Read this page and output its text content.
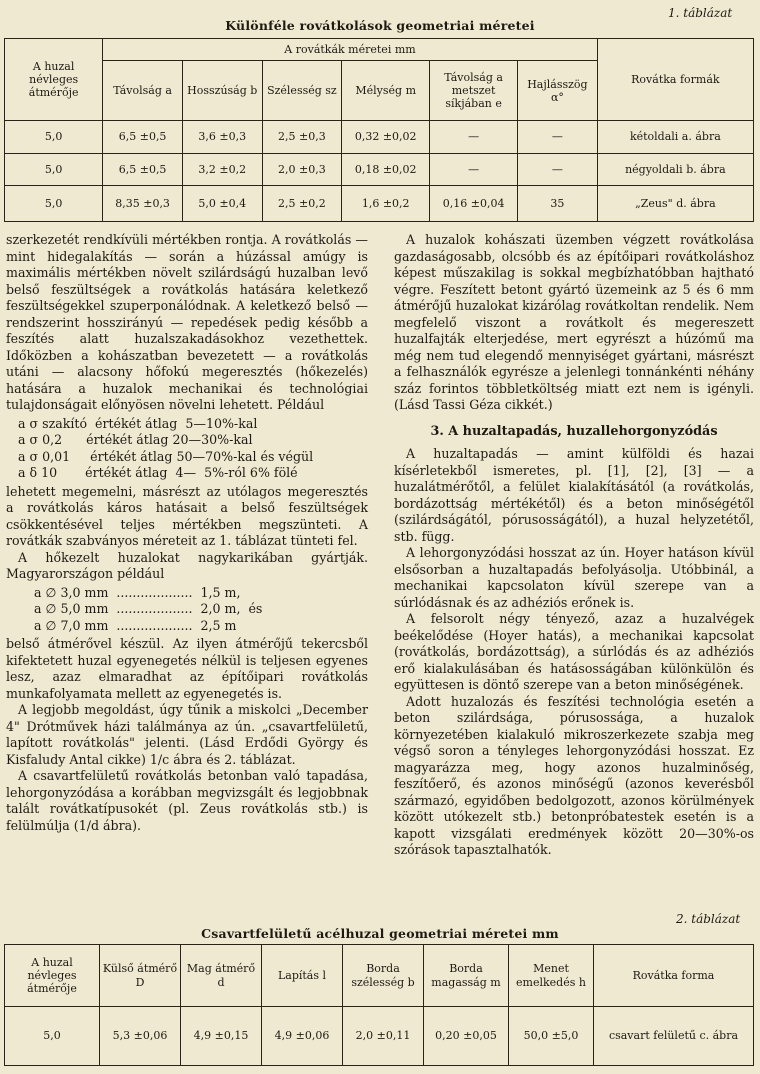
1. táblázat
Különféle rovátkolások geometriai méretei
A huzal névleges átmérője	A rovátkák méretei mm						Rovátka formák
	Távolság a	Hosszúság b	Szélesség sz	Mélység m	Távolság a metszet síkjában e	Hajlásszög α°	
5,0	6,5 ±0,5	3,6 ±0,3	2,5 ±0,3	0,32 ±0,02	—	—	kétoldali a. ábra
5,0	6,5 ±0,5	3,2 ±0,2	2,0 ±0,3	0,18 ±0,02	—	—	négyoldali b. ábra
5,0	8,35 ±0,3	5,0 ±0,4	2,5 ±0,2	1,6 ±0,2	0,16 ±0,04	35	„Zeus" d. ábra

szerkezetét rendkívüli mértékben rontja. A rovátkolás — mint hidegalakítás — során a húzással amúgy is maximális mértékben növelt szilárdságú huzalban levő belső feszültségek a rovátkolás hatására keletkező feszültségekkel szuperponálódnak. A keletkező belső — rendszerint hosszirányú — repedések pedig később a feszítés alatt huzalszakadásokhoz vezethettek. Időközben a kohászatban bevezetett — a rovátkolás utáni — alacsony hőfokú megeresztés (hőkezelés) hatására a huzalok mechanikai és technológiai tulajdonságait előnyösen növelni lehetett. Például

a σ szakító  értékét átlag  5—10%-kal
a σ 0,2      értékét átlag 20—30%-kal
a σ 0,01     értékét átlag 50—70%-kal és végül
a δ 10       értékét átlag  4—  5%-ról 6% fölé

lehetett megemelni, másrészt az utólagos megeresztés a rovátkolás káros hatásait a belső feszültségek csökkentésével teljes mértékben megszünteti. A rovátkák szabványos méreteit az 1. táblázat tünteti fel.

A hőkezelt huzalokat nagykarikában gyártják. Magyarországon például

a ∅ 3,0 mm  ...................  1,5 m,
a ∅ 5,0 mm  ...................  2,0 m,  és
a ∅ 7,0 mm  ...................  2,5 m

belső átmérővel készül. Az ilyen átmérőjű tekercsből kifektetett huzal egyenegetés nélkül is teljesen egyenes lesz, azaz elmaradhat az építőipari rovátkolás munkafolyamata mellett az egyenegetés is.

A legjobb megoldást, úgy tűnik a miskolci „December 4" Drótművek házi találmánya az ún. „csavartfelületű, lapított rovátkolás" jelenti. (Lásd Erdődi György és Kisfaludy Antal cikke) 1/c ábra és 2. táblázat.

A csavartfelületű rovátkolás betonban való tapadása, lehorgonyzódása a korábban megvizsgált és legjobbnak talált rovátkatípusokét (pl. Zeus rovátkolás stb.) is felülmúlja (1/d ábra).

A huzalok kohászati üzemben végzett rovátkolása gazdaságosabb, olcsóbb és az építőipari rovátkoláshoz képest műszakilag is sokkal megbízhatóbban hajtható végre. Feszített betont gyártó üzemeink az 5 és 6 mm átmérőjű huzalokat kizárólag rovátkoltan rendelik. Nem megfelelő viszont a rovátkolt és megereszett huzalfajták elterjedése, mert egyrészt a húzómű ma még nem tud elegendő mennyiséget gyártani, másrészt a felhasználók egyrésze a jelenlegi tonnánkénti néhány száz forintos többletköltség miatt ezt nem is igényli. (Lásd Tassi Géza cikkét.)

3. A huzaltapadás, huzallehorgonyzódás

A huzaltapadás — amint külföldi és hazai kísérletekből ismeretes, pl. [1], [2], [3] — a huzalátmérőtől, a felület kialakításától (a rovátkolás, bordázottság mértékétől) és a beton minőségétől (szilárdságától, pórusosságától), a huzal helyzetétől, stb. függ.

A lehorgonyzódási hosszat az ún. Hoyer hatáson kívül elsősorban a huzaltapadás befolyásolja. Utóbbinál, a mechanikai kapcsolaton kívül szerepe van a súrlódásnak és az adhéziós erőnek is.

A felsorolt négy tényező, azaz a huzalvégek beékelődése (Hoyer hatás), a mechanikai kapcsolat (rovátkolás, bordázottság), a súrlódás és az adhéziós erő kialakulásában és hatásosságában különkülön és együttesen is döntő szerepe van a beton minőségének.

Adott huzalozás és feszítési technológia esetén a beton szilárdsága, pórusossága, a huzalok környezetében kialakuló mikroszerkezete szabja meg végső soron a tényleges lehorgonyzódási hosszat. Ez magyarázza meg, hogy azonos huzalminőség, feszítőerő, és azonos minőségű (azonos keverésből származó, egyidőben bedolgozott, azonos körülmények között utókezelt stb.) betonpróbatestek esetén is a kapott vizsgálati eredmények között 20—30%-os szórások tapasztalhatók.

2. táblázat
Csavartfelületű acélhuzal geometriai méretei mm
A huzal névleges átmérője	Külső átmérő D	Mag átmérő d	Lapítás l	Borda szélesség b	Borda magasság m	Menet emelkedés h	Rovátka forma
5,0	5,3 ±0,06	4,9 ±0,15	4,9 ±0,06	2,0 ±0,11	0,20 ±0,05	50,0 ±5,0	csavart felületű c. ábra
